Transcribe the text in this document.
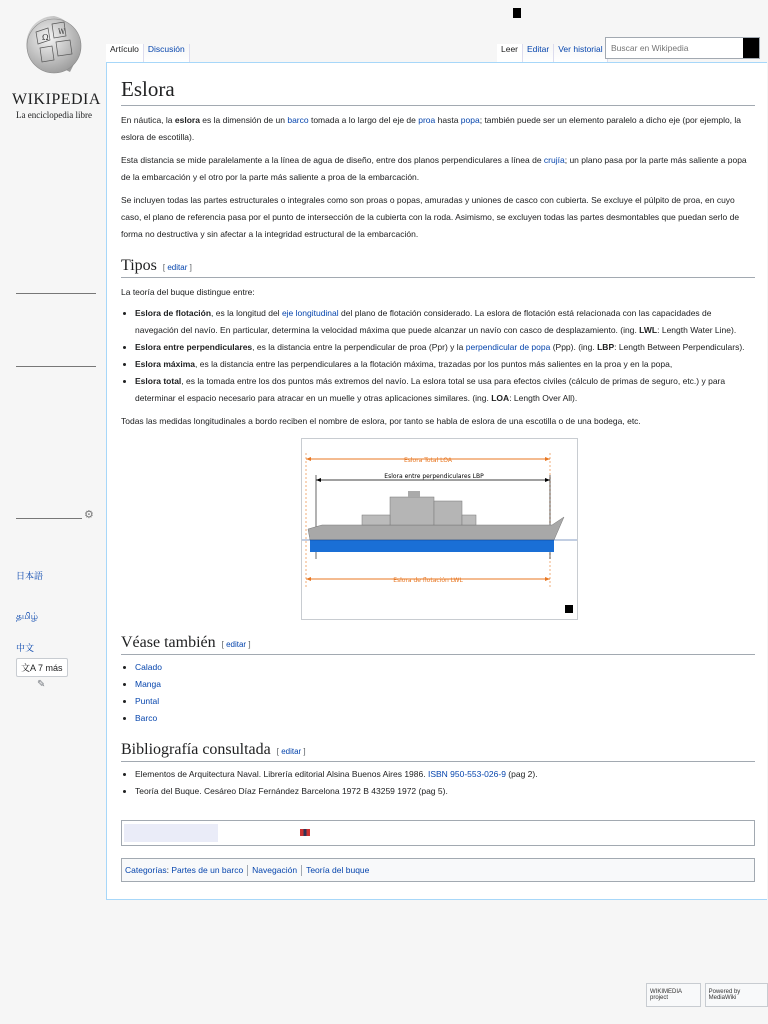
Ω
W
WIKIPEDIA
La enciclopedia libre
⚙
日本語
தமிழ்
中文
文A 7 más
✎
Artículo	Discusión	Leer	Editar	Ver historial
Buscar en Wikipedia
Eslora

En náutica, la eslora es la dimensión de un barco tomada a lo largo del eje de proa hasta popa; también puede ser un elemento paralelo a dicho eje (por ejemplo, la eslora de escotilla).

Esta distancia se mide paralelamente a la línea de agua de diseño, entre dos planos perpendiculares a línea de crujía; un plano pasa por la parte más saliente a popa de la embarcación y el otro por la parte más saliente a proa de la embarcación.

Se incluyen todas las partes estructurales o integrales como son proas o popas, amuradas y uniones de casco con cubierta. Se excluye el púlpito de proa, en cuyo caso, el plano de referencia pasa por el punto de intersección de la cubierta con la roda. Asimismo, se excluyen todas las partes desmontables que puedan serlo de forma no destructiva y sin afectar a la integridad estructural de la embarcación.

Tipos [ editar ]

La teoría del buque distingue entre:

• Eslora de flotación, es la longitud del eje longitudinal del plano de flotación considerado. La eslora de flotación está relacionada con las capacidades de navegación del navío. En particular, determina la velocidad máxima que puede alcanzar un navío con casco de desplazamiento. (ing. LWL: Length Water Line).
• Eslora entre perpendiculares, es la distancia entre la perpendicular de proa (Ppr) y la perpendicular de popa (Ppp). (ing. LBP: Length Between Perpendiculars).
• Eslora máxima, es la distancia entre las perpendiculares a la flotación máxima, trazadas por los puntos más salientes en la proa y en la popa,
• Eslora total, es la tomada entre los dos puntos más extremos del navío. La eslora total se usa para efectos civiles (cálculo de primas de seguro, etc.) y para determinar el espacio necesario para atracar en un muelle y otras aplicaciones similares. (ing. LOA: Length Over All).

Todas las medidas longitudinales a bordo reciben el nombre de eslora, por tanto se habla de eslora de una escotilla o de una bodega, etc.

Eslora Total LOA
Eslora entre perpendiculares LBP
Eslora de flotación LWL
Véase también [ editar ]
• Calado
• Manga
• Puntal
• Barco
Bibliografía consultada [ editar ]
• Elementos de Arquitectura Naval. Librería editorial Alsina Buenos Aires 1986. ISBN 950-553-026-9 (pag 2).
• Teoría del Buque. Cesáreo Díaz Fernández Barcelona 1972 B 43259 1972 (pag 5).
Categorías :
Partes de un barco Navegación Teoría del buque
WIKIMEDIA project
Powered by MediaWiki
